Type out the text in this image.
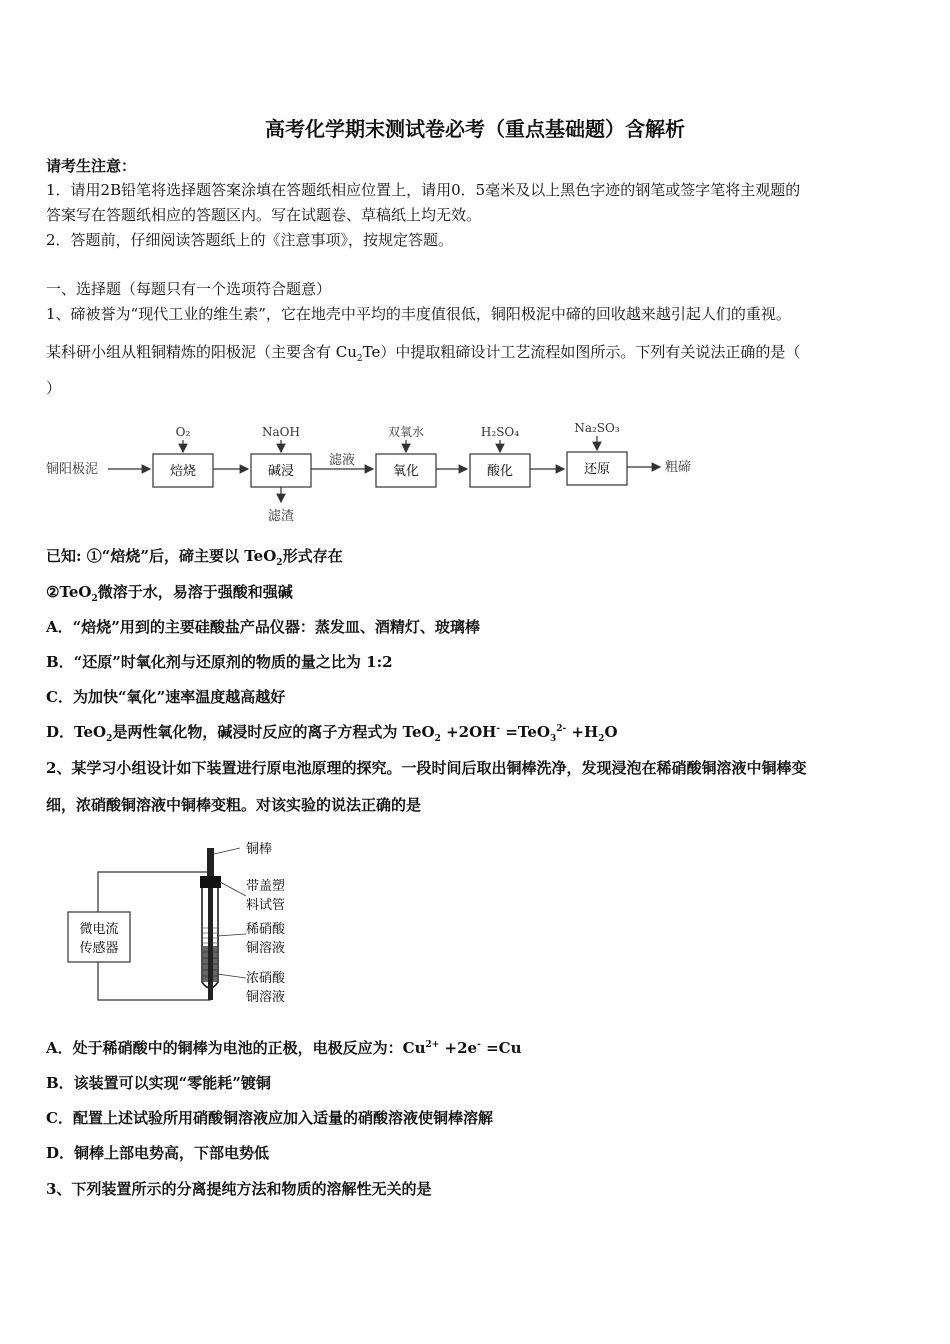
高考化学期末测试卷必考（重点基础题）含解析
请考生注意：
1．请用2B铅笔将选择题答案涂填在答题纸相应位置上，请用0．5毫米及以上黑色字迹的钢笔或签字笔将主观题的
答案写在答题纸相应的答题区内。写在试题卷、草稿纸上均无效。
2．答题前，仔细阅读答题纸上的《注意事项》，按规定答题。
一、选择题（每题只有一个选项符合题意）
1、碲被誉为“现代工业的维生素”，它在地壳中平均的丰度值很低，铜阳极泥中碲的回收越来越引起人们的重视。
某科研小组从粗铜精炼的阳极泥（主要含有 $Cu_2Te$）中提取粗碲设计工艺流程如图所示。下列有关说法正确的是（
）
铜阳极泥	焙烧
O₂
碱浸
NaOH
滤渣
滤液
氧化
双氧水
酸化
H₂SO₄
还原
Na₂SO₃
粗碲
已知: ①“焙烧”后，碲主要以 TeO$_2$形式存在
②TeO$_2$微溶于水，易溶于强酸和强碱
A．“焙烧”用到的主要硅酸盐产品仪器：蒸发皿、酒精灯、玻璃棒
B．“还原”时氧化剂与还原剂的物质的量之比为 1:2
C．为加快“氧化”速率温度越高越好
D．TeO$_2$是两性氧化物，碱浸时反应的离子方程式为 $TeO_2 +2OH^- =TeO_3^{2-} +H_2O$
2、某学习小组设计如下装置进行原电池原理的探究。一段时间后取出铜棒洗净，发现浸泡在稀硝酸铜溶液中铜棒变
细，浓硝酸铜溶液中铜棒变粗。对该实验的说法正确的是
微电流
传感器
铜棒
带盖塑
料试管
稀硝酸
铜溶液
浓硝酸
铜溶液
A．处于稀硝酸中的铜棒为电池的正极，电极反应为：$Cu^{2+} +2e^- =Cu$
B．该装置可以实现“零能耗”镀铜
C．配置上述试验所用硝酸铜溶液应加入适量的硝酸溶液使铜棒溶解
D．铜棒上部电势高，下部电势低
3、下列装置所示的分离提纯方法和物质的溶解性无关的是
